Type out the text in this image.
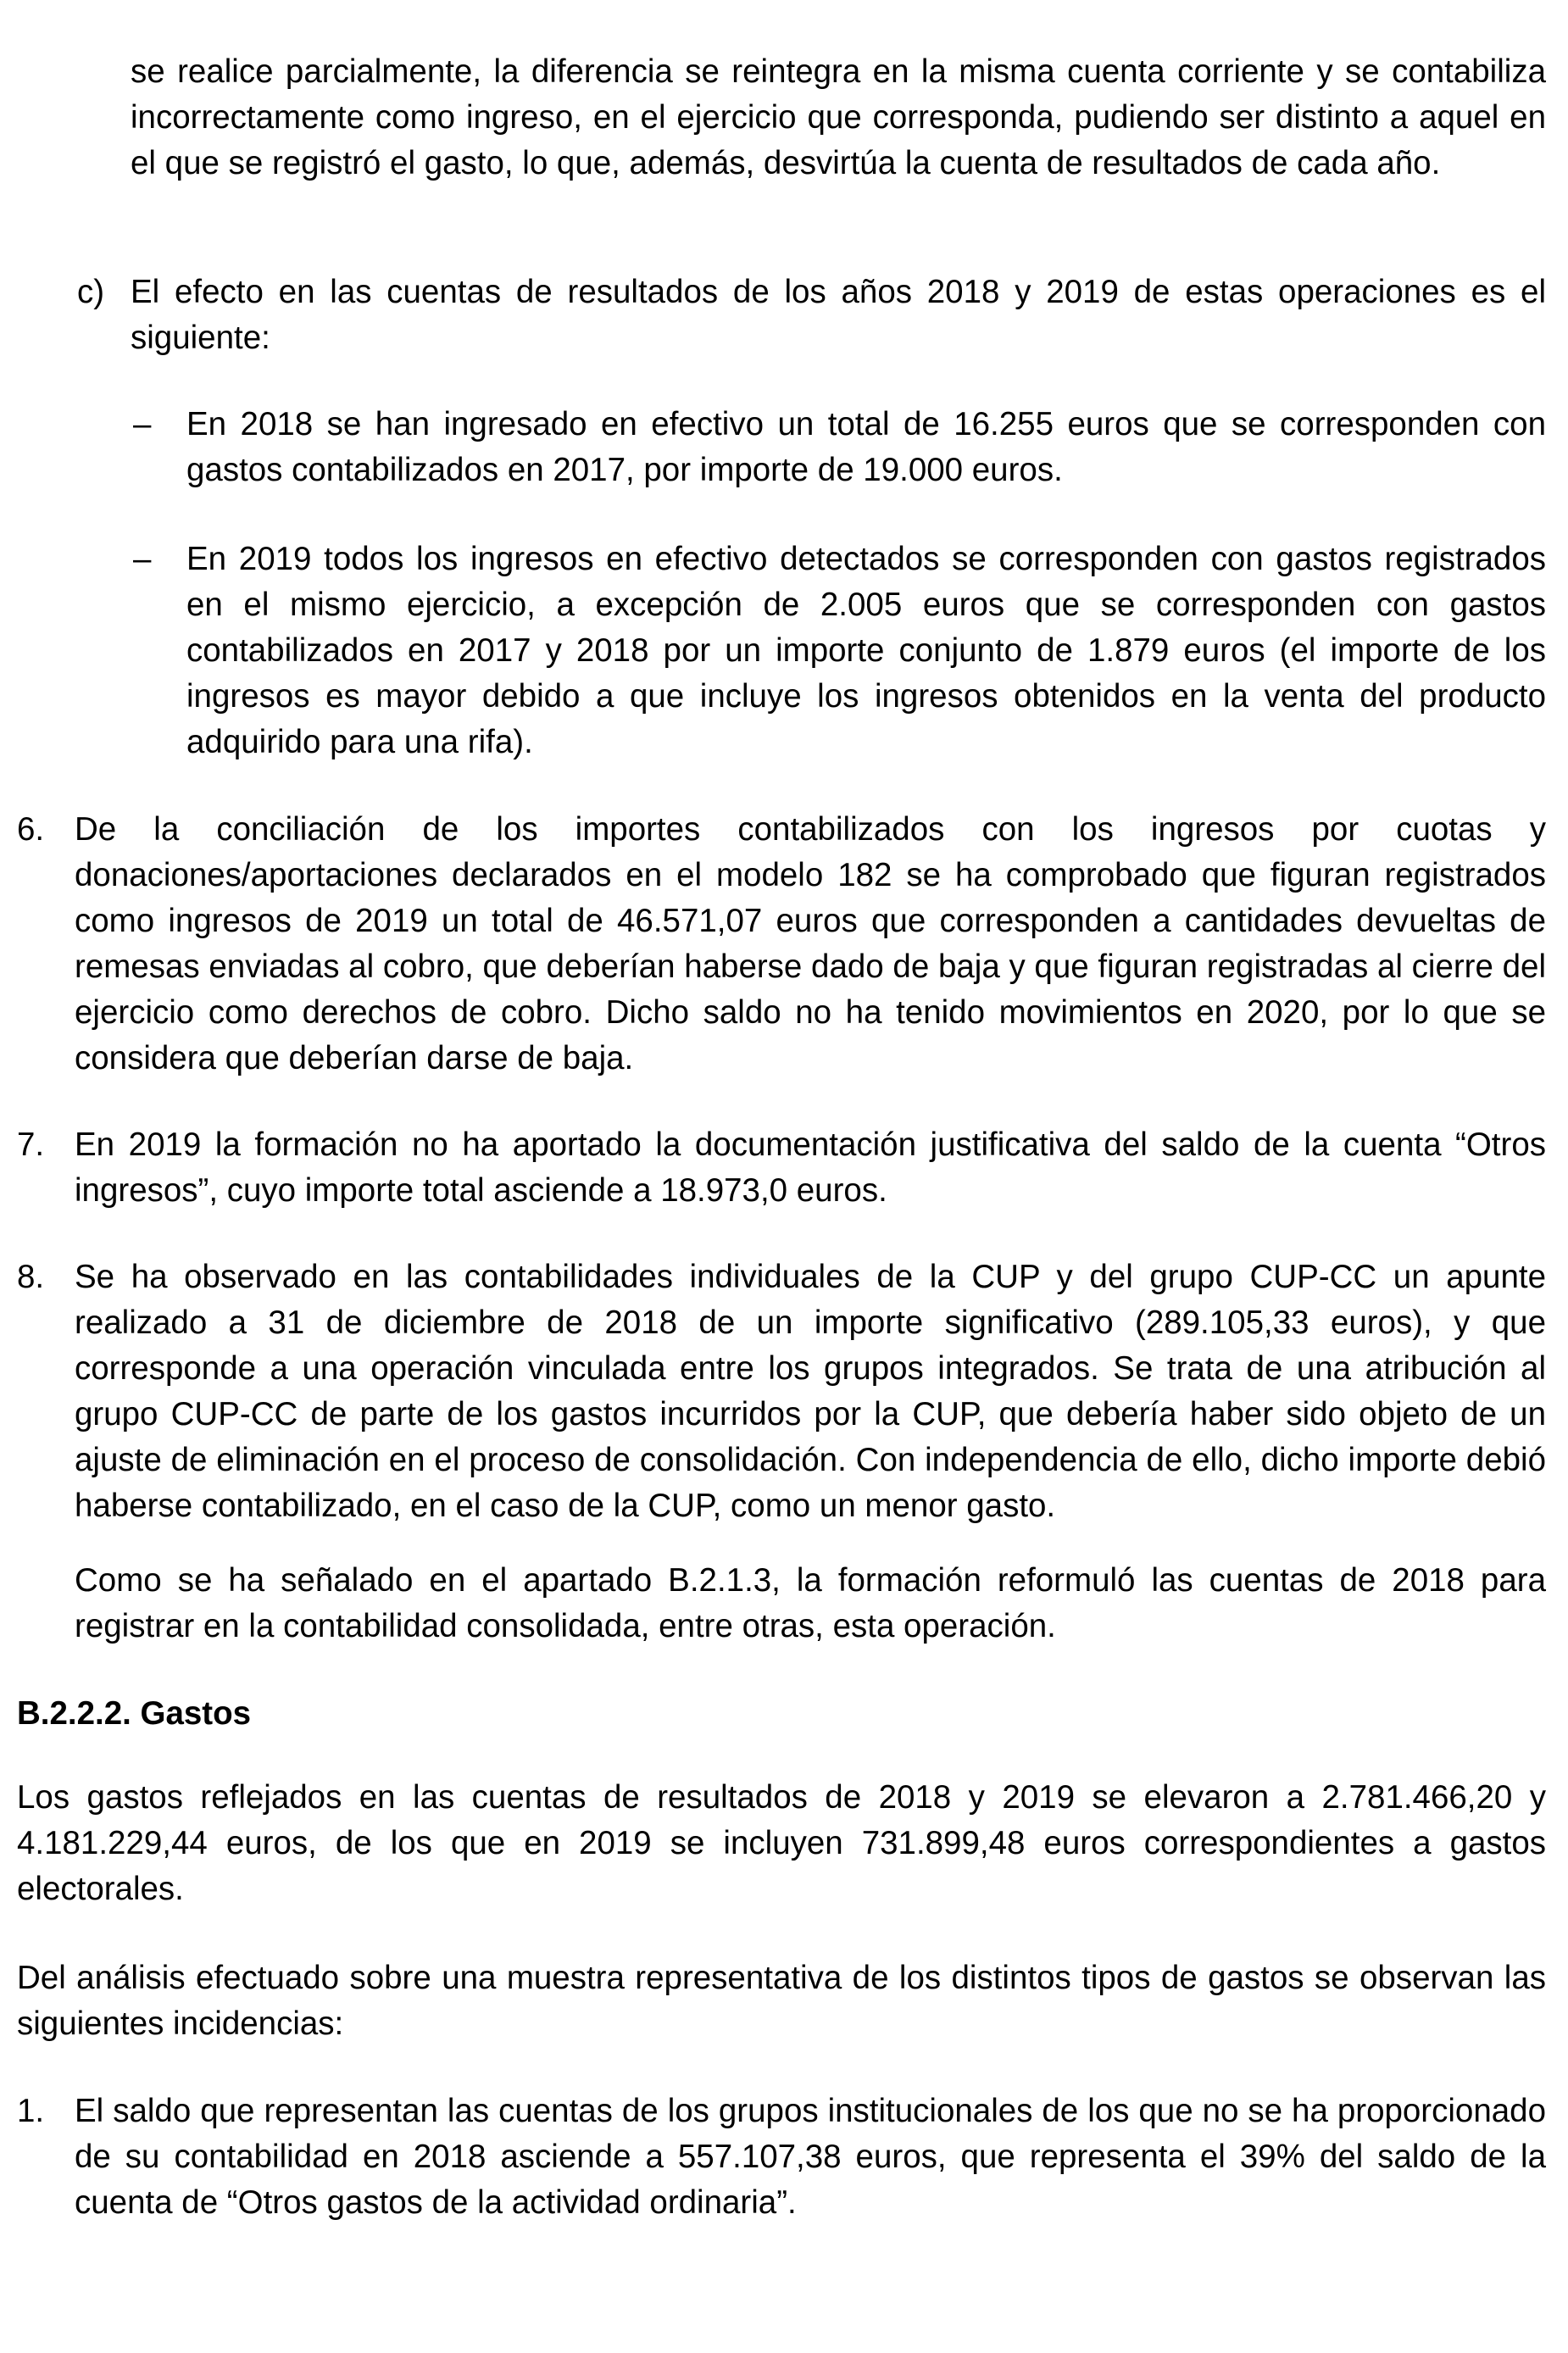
se realice parcialmente, la diferencia se reintegra en la misma cuenta corriente y se contabiliza incorrectamente como ingreso, en el ejercicio que corresponda, pudiendo ser distinto a aquel en el que se registró el gasto, lo que, además, desvirtúa la cuenta de resultados de cada año.
c) El efecto en las cuentas de resultados de los años 2018 y 2019 de estas operaciones es el siguiente:
– En 2018 se han ingresado en efectivo un total de 16.255 euros que se corresponden con gastos contabilizados en 2017, por importe de 19.000 euros.
– En 2019 todos los ingresos en efectivo detectados se corresponden con gastos registrados en el mismo ejercicio, a excepción de 2.005 euros que se corresponden con gastos contabilizados en 2017 y 2018 por un importe conjunto de 1.879 euros (el importe de los ingresos es mayor debido a que incluye los ingresos obtenidos en la venta del producto adquirido para una rifa).
6. De la conciliación de los importes contabilizados con los ingresos por cuotas y donaciones/aportaciones declarados en el modelo 182 se ha comprobado que figuran registrados como ingresos de 2019 un total de 46.571,07 euros que corresponden a cantidades devueltas de remesas enviadas al cobro, que deberían haberse dado de baja y que figuran registradas al cierre del ejercicio como derechos de cobro. Dicho saldo no ha tenido movimientos en 2020, por lo que se considera que deberían darse de baja.
7. En 2019 la formación no ha aportado la documentación justificativa del saldo de la cuenta “Otros ingresos”, cuyo importe total asciende a 18.973,0 euros.
8. Se ha observado en las contabilidades individuales de la CUP y del grupo CUP-CC un apunte realizado a 31 de diciembre de 2018 de un importe significativo (289.105,33 euros), y que corresponde a una operación vinculada entre los grupos integrados. Se trata de una atribución al grupo CUP-CC de parte de los gastos incurridos por la CUP, que debería haber sido objeto de un ajuste de eliminación en el proceso de consolidación. Con independencia de ello, dicho importe debió haberse contabilizado, en el caso de la CUP, como un menor gasto.
Como se ha señalado en el apartado B.2.1.3, la formación reformuló las cuentas de 2018 para registrar en la contabilidad consolidada, entre otras, esta operación.
B.2.2.2. Gastos
Los gastos reflejados en las cuentas de resultados de 2018 y 2019 se elevaron a 2.781.466,20 y 4.181.229,44 euros, de los que en 2019 se incluyen 731.899,48 euros correspondientes a gastos electorales.
Del análisis efectuado sobre una muestra representativa de los distintos tipos de gastos se observan las siguientes incidencias:
1. El saldo que representan las cuentas de los grupos institucionales de los que no se ha proporcionado de su contabilidad en 2018 asciende a 557.107,38 euros, que representa el 39% del saldo de la cuenta de “Otros gastos de la actividad ordinaria”.
